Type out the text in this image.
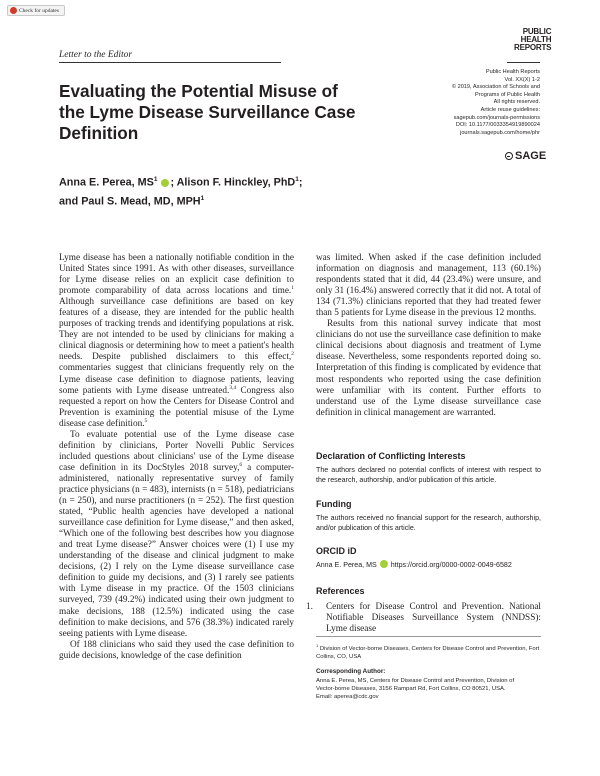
Check for updates
Letter to the Editor
PUBLIC
HEALTH
REPORTS
Evaluating the Potential Misuse of the Lyme Disease Surveillance Case Definition
Public Health Reports
Vol. XX(X) 1-2
© 2019, Association of Schools and
Programs of Public Health
All rights reserved.
Article reuse guidelines:
sagepub.com/journals-permissions
DOI: 10.1177/0033354919890024
journals.sagepub.com/home/phr
SAGE
Anna E. Perea, $MS^1$ ; Alison F. Hinckley, PhD$^1$;
and Paul S. Mead, MD, MPH$^1$

Lyme disease has been a nationally notifiable condition in the United States since 1991. As with other diseases, surveillance for Lyme disease relies on an explicit case definition to promote comparability of data across locations and time.$^1$ Although surveillance case definitions are based on key features of a disease, they are intended for the public health purposes of tracking trends and identifying populations at risk. They are not intended to be used by clinicians for making a clinical diagnosis or determining how to meet a patient's health needs. Despite published disclaimers to this effect,$^2$ commentaries suggest that clinicians frequently rely on the Lyme disease case definition to diagnose patients, leaving some patients with Lyme disease untreated.$^{3,4}$ Congress also requested a report on how the Centers for Disease Control and Prevention is examining the potential misuse of the Lyme disease case definition.$^5$

To evaluate potential use of the Lyme disease case definition by clinicians, Porter Novelli Public Services included questions about clinicians' use of the Lyme disease case definition in its DocStyles 2018 survey,$^6$ a computer-administered, nationally representative survey of family practice physicians (n = 483), internists (n = 518), pediatricians (n = 250), and nurse practitioners (n = 252). The first question stated, “Public health agencies have developed a national surveillance case definition for Lyme disease,” and then asked, “Which one of the following best describes how you diagnose and treat Lyme disease?” Answer choices were (1) I use my understanding of the disease and clinical judgment to make decisions, (2) I rely on the Lyme disease surveillance case definition to guide my decisions, and (3) I rarely see patients with Lyme disease in my practice. Of the 1503 clinicians surveyed, 739 (49.2%) indicated using their own judgment to make decisions, 188 (12.5%) indicated using the case definition to make decisions, and 576 (38.3%) indicated rarely seeing patients with Lyme disease.

Of 188 clinicians who said they used the case definition to guide decisions, knowledge of the case definition

was limited. When asked if the case definition included information on diagnosis and management, 113 (60.1%) respondents stated that it did, 44 (23.4%) were unsure, and only 31 (16.4%) answered correctly that it did not. A total of 134 (71.3%) clinicians reported that they had treated fewer than 5 patients for Lyme disease in the previous 12 months.

Results from this national survey indicate that most clinicians do not use the surveillance case definition to make clinical decisions about diagnosis and treatment of Lyme disease. Nevertheless, some respondents reported doing so. Interpretation of this finding is complicated by evidence that most respondents who reported using the case definition were unfamiliar with its content. Further efforts to understand use of the Lyme disease surveillance case definition in clinical management are warranted.

Declaration of Conflicting Interests
The authors declared no potential conflicts of interest with respect to the research, authorship, and/or publication of this article.
Funding
The authors received no financial support for the research, authorship, and/or publication of this article.
ORCID iD
Anna E. Perea, MS https://orcid.org/0000-0002-0049-6582
References
1. Centers for Disease Control and Prevention. National Notifiable Diseases Surveillance System (NNDSS): Lyme disease
$^1$ Division of Vector-borne Diseases, Centers for Disease Control and Prevention, Fort Collins, CO, USA
Corresponding Author:
Anna E. Perea, MS, Centers for Disease Control and Prevention, Division of
Vector-borne Diseases, 3156 Rampart Rd, Fort Collins, CO 80521, USA.
Email: aperea@cdc.gov
